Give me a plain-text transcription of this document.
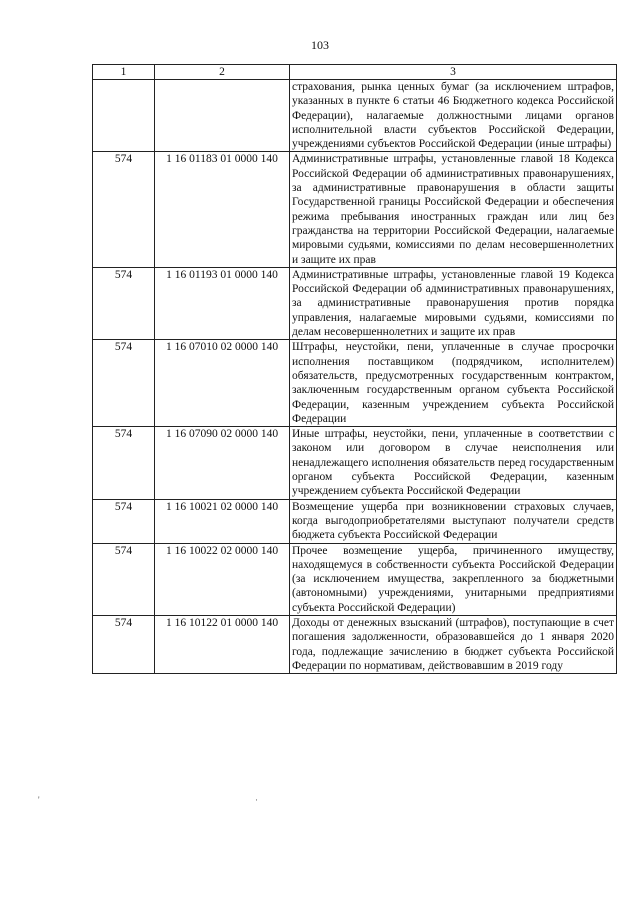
103
1	2	3
		страхования, рынка ценных бумаг (за исключением штрафов, указанных в пункте 6 статьи 46 Бюджетного кодекса Российской Федерации), налагаемые должностными лицами органов исполнительной власти субъектов Российской Федерации, учреждениями субъектов Российской Федерации (иные штрафы)
574	1 16 01183 01 0000 140	Административные штрафы, установленные главой 18 Кодекса Российской Федерации об административных правонарушениях, за административные правонарушения в области защиты Государственной границы Российской Федерации и обеспечения режима пребывания иностранных граждан или лиц без гражданства на территории Российской Федерации, налагаемые мировыми судьями, комиссиями по делам несовершеннолетних и защите их прав
574	1 16 01193 01 0000 140	Административные штрафы, установленные главой 19 Кодекса Российской Федерации об административных правонарушениях, за административные правонарушения против порядка управления, налагаемые мировыми судьями, комиссиями по делам несовершеннолетних и защите их прав
574	1 16 07010 02 0000 140	Штрафы, неустойки, пени, уплаченные в случае просрочки исполнения поставщиком (подрядчиком, исполнителем) обязательств, предусмотренных государственным контрактом, заключенным государственным органом субъекта Российской Федерации, казенным учреждением субъекта Российской Федерации
574	1 16 07090 02 0000 140	Иные штрафы, неустойки, пени, уплаченные в соответствии с законом или договором в случае неисполнения или ненадлежащего исполнения обязательств перед государственным органом субъекта Российской Федерации, казенным учреждением субъекта Российской Федерации
574	1 16 10021 02 0000 140	Возмещение ущерба при возникновении страховых случаев, когда выгодоприобретателями выступают получатели средств бюджета субъекта Российской Федерации
574	1 16 10022 02 0000 140	Прочее возмещение ущерба, причиненного имуществу, находящемуся в собственности субъекта Российской Федерации (за исключением имущества, закрепленного за бюджетными (автономными) учреждениями, унитарными предприятиями субъекта Российской Федерации)
574	1 16 10122 01 0000 140	Доходы от денежных взысканий (штрафов), поступающие в счет погашения задолженности, образовавшейся до 1 января 2020 года, подлежащие зачислению в бюджет субъекта Российской Федерации по нормативам, действовавшим в 2019 году
'	·
